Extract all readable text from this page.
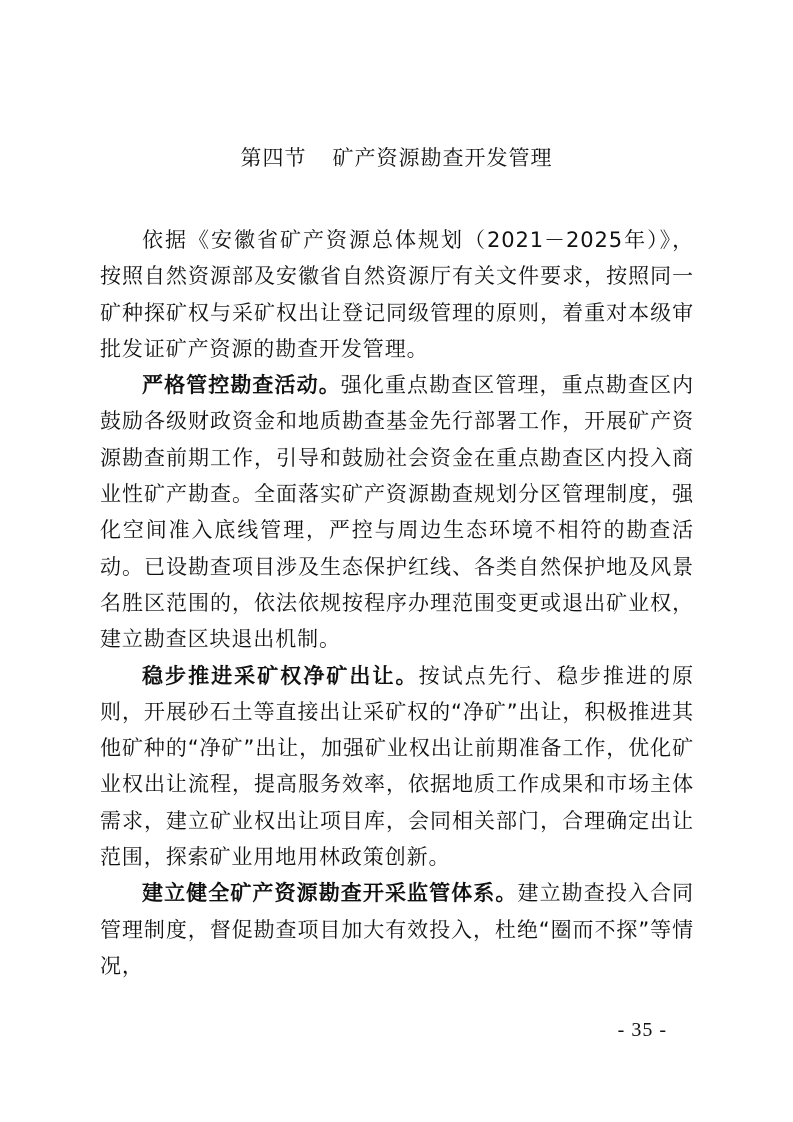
第四节 矿产资源勘查开发管理

依据《安徽省矿产资源总体规划（2021－2025年）》，按照自然资源部及安徽省自然资源厅有关文件要求，按照同一矿种探矿权与采矿权出让登记同级管理的原则，着重对本级审批发证矿产资源的勘查开发管理。

严格管控勘查活动。强化重点勘查区管理，重点勘查区内鼓励各级财政资金和地质勘查基金先行部署工作，开展矿产资源勘查前期工作，引导和鼓励社会资金在重点勘查区内投入商业性矿产勘查。全面落实矿产资源勘查规划分区管理制度，强化空间准入底线管理，严控与周边生态环境不相符的勘查活动。已设勘查项目涉及生态保护红线、各类自然保护地及风景名胜区范围的，依法依规按程序办理范围变更或退出矿业权，建立勘查区块退出机制。

稳步推进采矿权净矿出让。按试点先行、稳步推进的原则，开展砂石土等直接出让采矿权的“净矿”出让，积极推进其他矿种的“净矿”出让，加强矿业权出让前期准备工作，优化矿业权出让流程，提高服务效率，依据地质工作成果和市场主体需求，建立矿业权出让项目库，会同相关部门，合理确定出让范围，探索矿业用地用林政策创新。

建立健全矿产资源勘查开采监管体系。建立勘查投入合同管理制度，督促勘查项目加大有效投入，杜绝“圈而不探”等情况，

- 35 -
